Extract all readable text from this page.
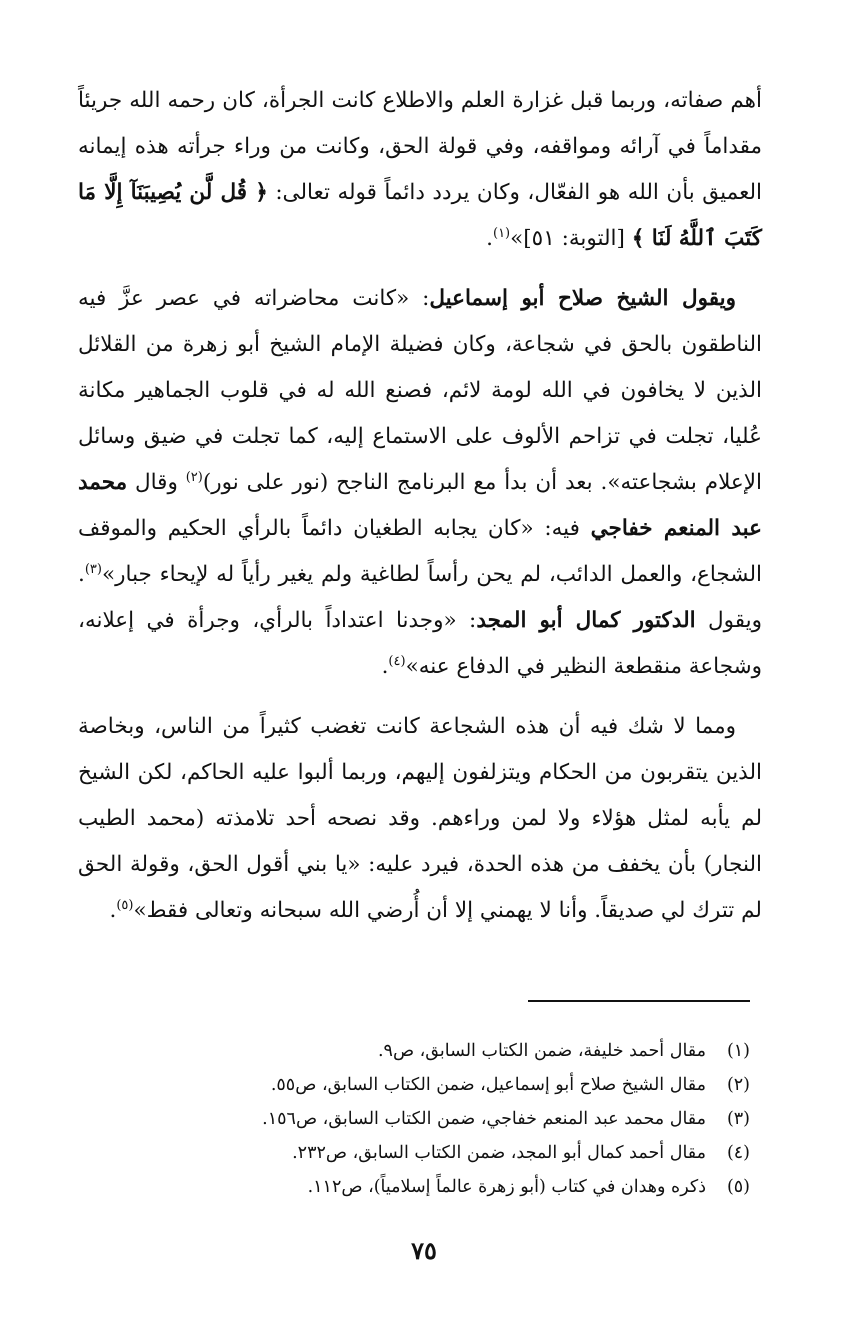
أهم صفاته، وربما قبل غزارة العلم والاطلاع كانت الجرأة، كان رحمه الله جريئاً مقداماً في آرائه ومواقفه، وفي قولة الحق، وكانت من وراء جرأته هذه إيمانه العميق بأن الله هو الفعّال، وكان يردد دائماً قوله تعالى: ﴿ قُل لَّن يُصِيبَنَآ إِلَّا مَا كَتَبَ ٱللَّهُ لَنَا ﴾ [التوبة: ٥١]»$^{(١)}$.

ويقول الشيخ صلاح أبو إسماعيل: «كانت محاضراته في عصر عزَّ فيه الناطقون بالحق في شجاعة، وكان فضيلة الإمام الشيخ أبو زهرة من القلائل الذين لا يخافون في الله لومة لائم، فصنع الله له في قلوب الجماهير مكانة عُليا، تجلت في تزاحم الألوف على الاستماع إليه، كما تجلت في ضيق وسائل الإعلام بشجاعته». بعد أن بدأ مع البرنامج الناجح (نور على نور)$^{(٢)}$ وقال محمد عبد المنعم خفاجي فيه: «كان يجابه الطغيان دائماً بالرأي الحكيم والموقف الشجاع، والعمل الدائب، لم يحن رأساً لطاغية ولم يغير رأياً له لإيحاء جبار»$^{(٣)}$. ويقول الدكتور كمال أبو المجد: «وجدنا اعتداداً بالرأي، وجرأة في إعلانه، وشجاعة منقطعة النظير في الدفاع عنه»$^{(٤)}$.

ومما لا شك فيه أن هذه الشجاعة كانت تغضب كثيراً من الناس، وبخاصة الذين يتقربون من الحكام ويتزلفون إليهم، وربما ألبوا عليه الحاكم، لكن الشيخ لم يأبه لمثل هؤلاء ولا لمن وراءهم. وقد نصحه أحد تلامذته (محمد الطيب النجار) بأن يخفف من هذه الحدة، فيرد عليه: «يا بني أقول الحق، وقولة الحق لم تترك لي صديقاً. وأنا لا يهمني إلا أن أُرضي الله سبحانه وتعالى فقط»$^{(٥)}$.

(١)
مقال أحمد خليفة، ضمن الكتاب السابق، ص٩.
(٢)
مقال الشيخ صلاح أبو إسماعيل، ضمن الكتاب السابق، ص٥٥.
(٣)
مقال محمد عبد المنعم خفاجي، ضمن الكتاب السابق، ص١٥٦.
(٤)
مقال أحمد كمال أبو المجد، ضمن الكتاب السابق، ص٢٣٢.
(٥)
ذكره وهدان في كتاب (أبو زهرة عالماً إسلامياً)، ص١١٢.
٧٥
